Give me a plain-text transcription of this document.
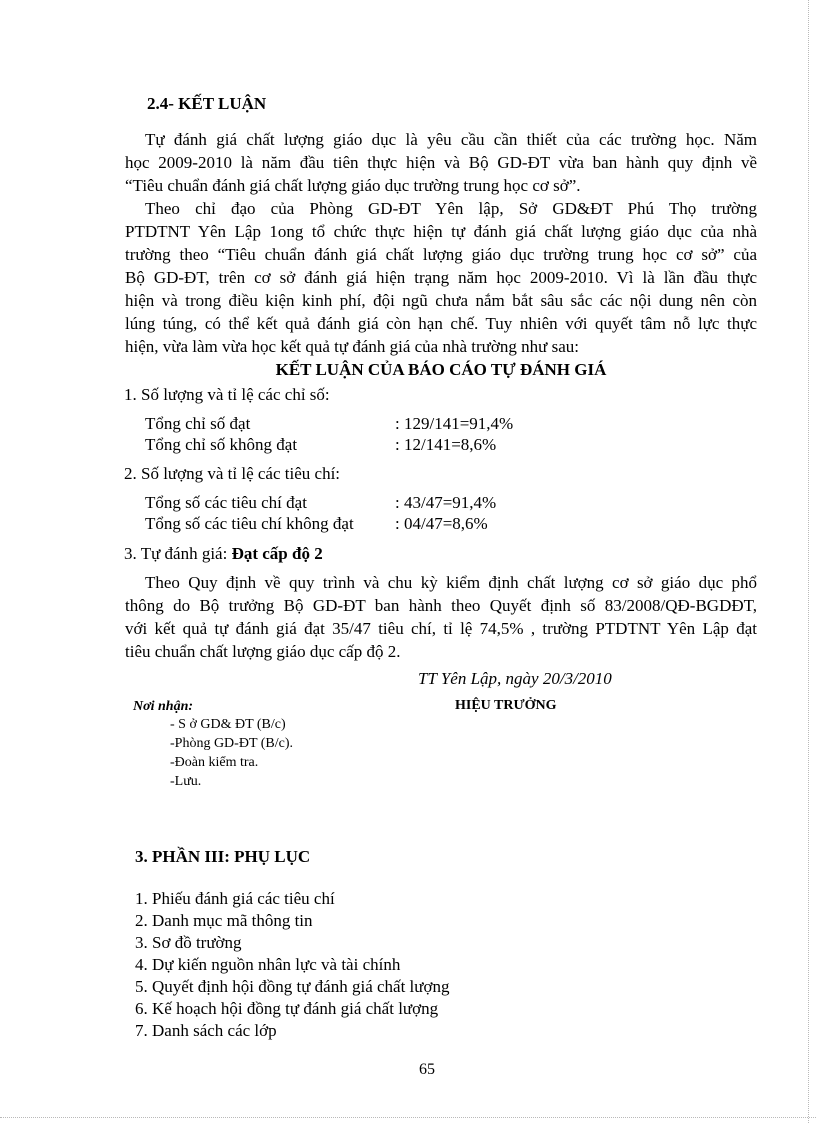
2.4- KẾT LUẬN
Tự đánh giá chất lượng giáo dục là yêu cầu cần thiết của các trường học. Năm
học 2009-2010 là năm đầu tiên thực hiện và Bộ GD-ĐT vừa ban hành quy định về
“Tiêu chuẩn đánh giá chất lượng giáo dục trường trung học cơ sở”.
Theo chỉ đạo của Phòng GD-ĐT Yên lập, Sở GD&ĐT Phú Thọ trường
PTDTNT Yên Lập 1ong tổ chức thực hiện tự đánh giá chất lượng giáo dục của nhà
trường theo “Tiêu chuẩn đánh giá chất lượng giáo dục trường trung học cơ sở” của
Bộ GD-ĐT, trên cơ sở đánh giá hiện trạng năm học 2009-2010. Vì là lần đầu thực
hiện và trong điều kiện kinh phí, đội ngũ chưa nắm bắt sâu sắc các nội dung nên còn
lúng túng, có thể kết quả đánh giá còn hạn chế. Tuy nhiên với quyết tâm nỗ lực thực
hiện, vừa làm vừa học kết quả tự đánh giá của nhà trường như sau:
KẾT LUẬN CỦA BÁO CÁO TỰ ĐÁNH GIÁ
1. Số lượng và tỉ lệ các chỉ số:
Tổng chỉ số đạt	: 129/141=91,4%
Tổng chỉ số không đạt	: 12/141=8,6%
2. Số lượng và tỉ lệ các tiêu chí:
Tổng số các tiêu chí đạt	: 43/47=91,4%
Tổng số các tiêu chí không đạt : 04/47=8,6%
3. Tự đánh giá: Đạt cấp độ 2
Theo Quy định về quy trình và chu kỳ kiểm định chất lượng cơ sở giáo dục phổ
thông do Bộ trưởng Bộ GD-ĐT ban hành theo Quyết định số 83/2008/QĐ-BGDĐT,
với kết quả tự đánh giá đạt 35/47 tiêu chí, tỉ lệ 74,5% , trường PTDTNT Yên Lập đạt
tiêu chuẩn chất lượng giáo dục cấp độ 2.
TT Yên Lập, ngày 20/3/2010
HIỆU TRƯỞNG
Nơi nhận:
- S ở GD& ĐT (B/c)
-Phòng GD-ĐT (B/c).
-Đoàn kiểm tra.
-Lưu.
3. PHẦN III: PHỤ LỤC
1. Phiếu đánh giá các tiêu chí
2. Danh mục mã thông tin
3. Sơ đồ trường
4. Dự kiến nguồn nhân lực và tài chính
5. Quyết định hội đồng tự đánh giá chất lượng
6. Kế hoạch hội đồng tự đánh giá chất lượng
7. Danh sách các lớp
65
